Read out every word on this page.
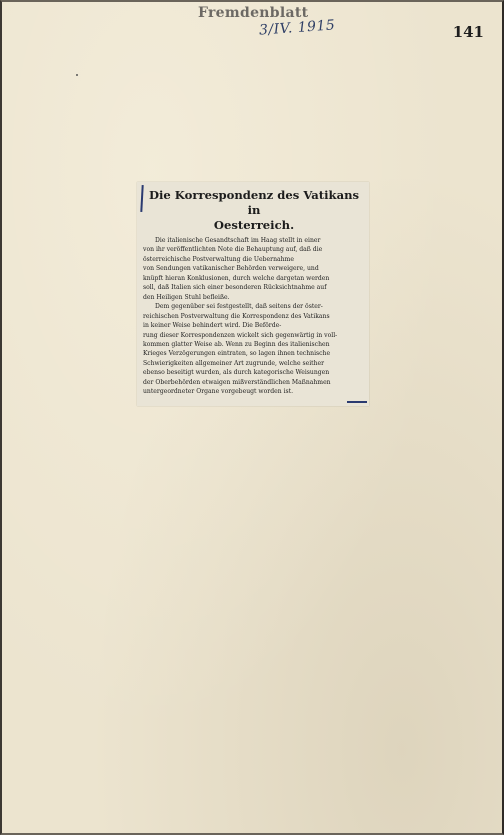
Fremdenblatt
3/IV. 1915	141
Die Korrespondenz des Vatikans in
Oesterreich.
Die italienische Gesandtschaft im Haag stellt in einer
von ihr veröffentlichten Note die Behauptung auf, daß die
österreichische Postverwaltung die Uebernahme
von Sendungen vatikanischer Behörden verweigere, und
knüpft hieran Konklusionen, durch welche dargetan werden
soll, daß Italien sich einer besonderen Rücksichtnahme auf
den Heiligen Stuhl befleiße.
Dem gegenüber sei festgestellt, daß seitens der öster-
reichischen Postverwaltung die Korrespondenz des Vatikans
in keiner Weise behindert wird. Die Beförde-
rung dieser Korrespondenzen wickelt sich gegenwärtig in voll-
kommen glatter Weise ab. Wenn zu Beginn des italienischen
Krieges Verzögerungen eintraten, so lagen ihnen technische
Schwierigkeiten allgemeiner Art zugrunde, welche seither
ebenso beseitigt wurden, als durch kategorische Weisungen
der Oberbehörden etwaigen mißverständlichen Maßnahmen
untergeordneter Organe vorgebeugt worden ist.
